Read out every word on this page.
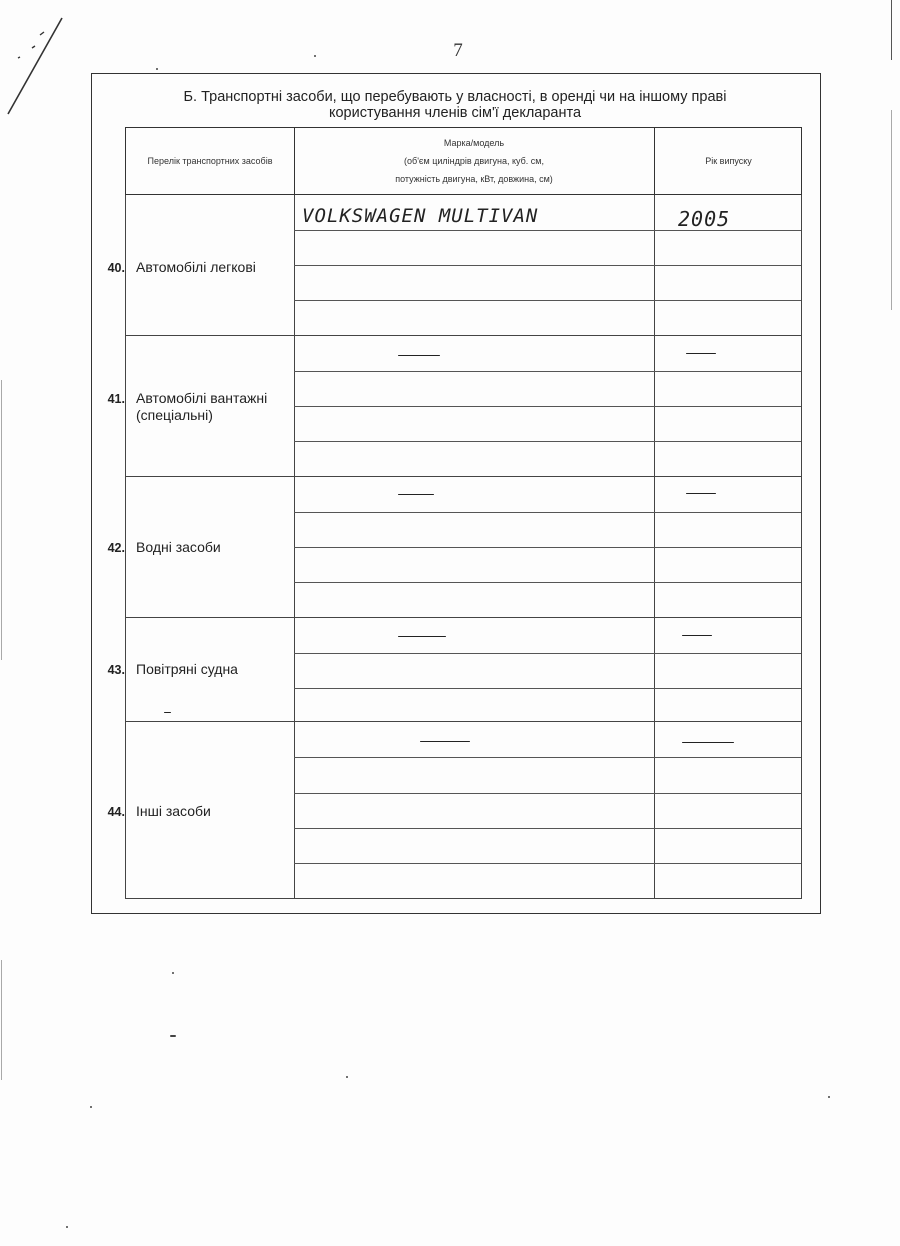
7
Б. Транспортні засоби, що перебувають у власності, в оренді чи на іншому праві
користування членів сім'ї декларанта
Перелік транспортних засобів
Марка/модель
(об'єм циліндрів двигуна, куб. см,
потужність двигуна, кВт, довжина, см)
Рік випуску
40. Автомобілі легкові
VOLKSWAGEN MULTIVAN	2005
41. Автомобілі вантажні (спеціальні)
42. Водні засоби
43. Повітряні судна
44. Інші засоби
